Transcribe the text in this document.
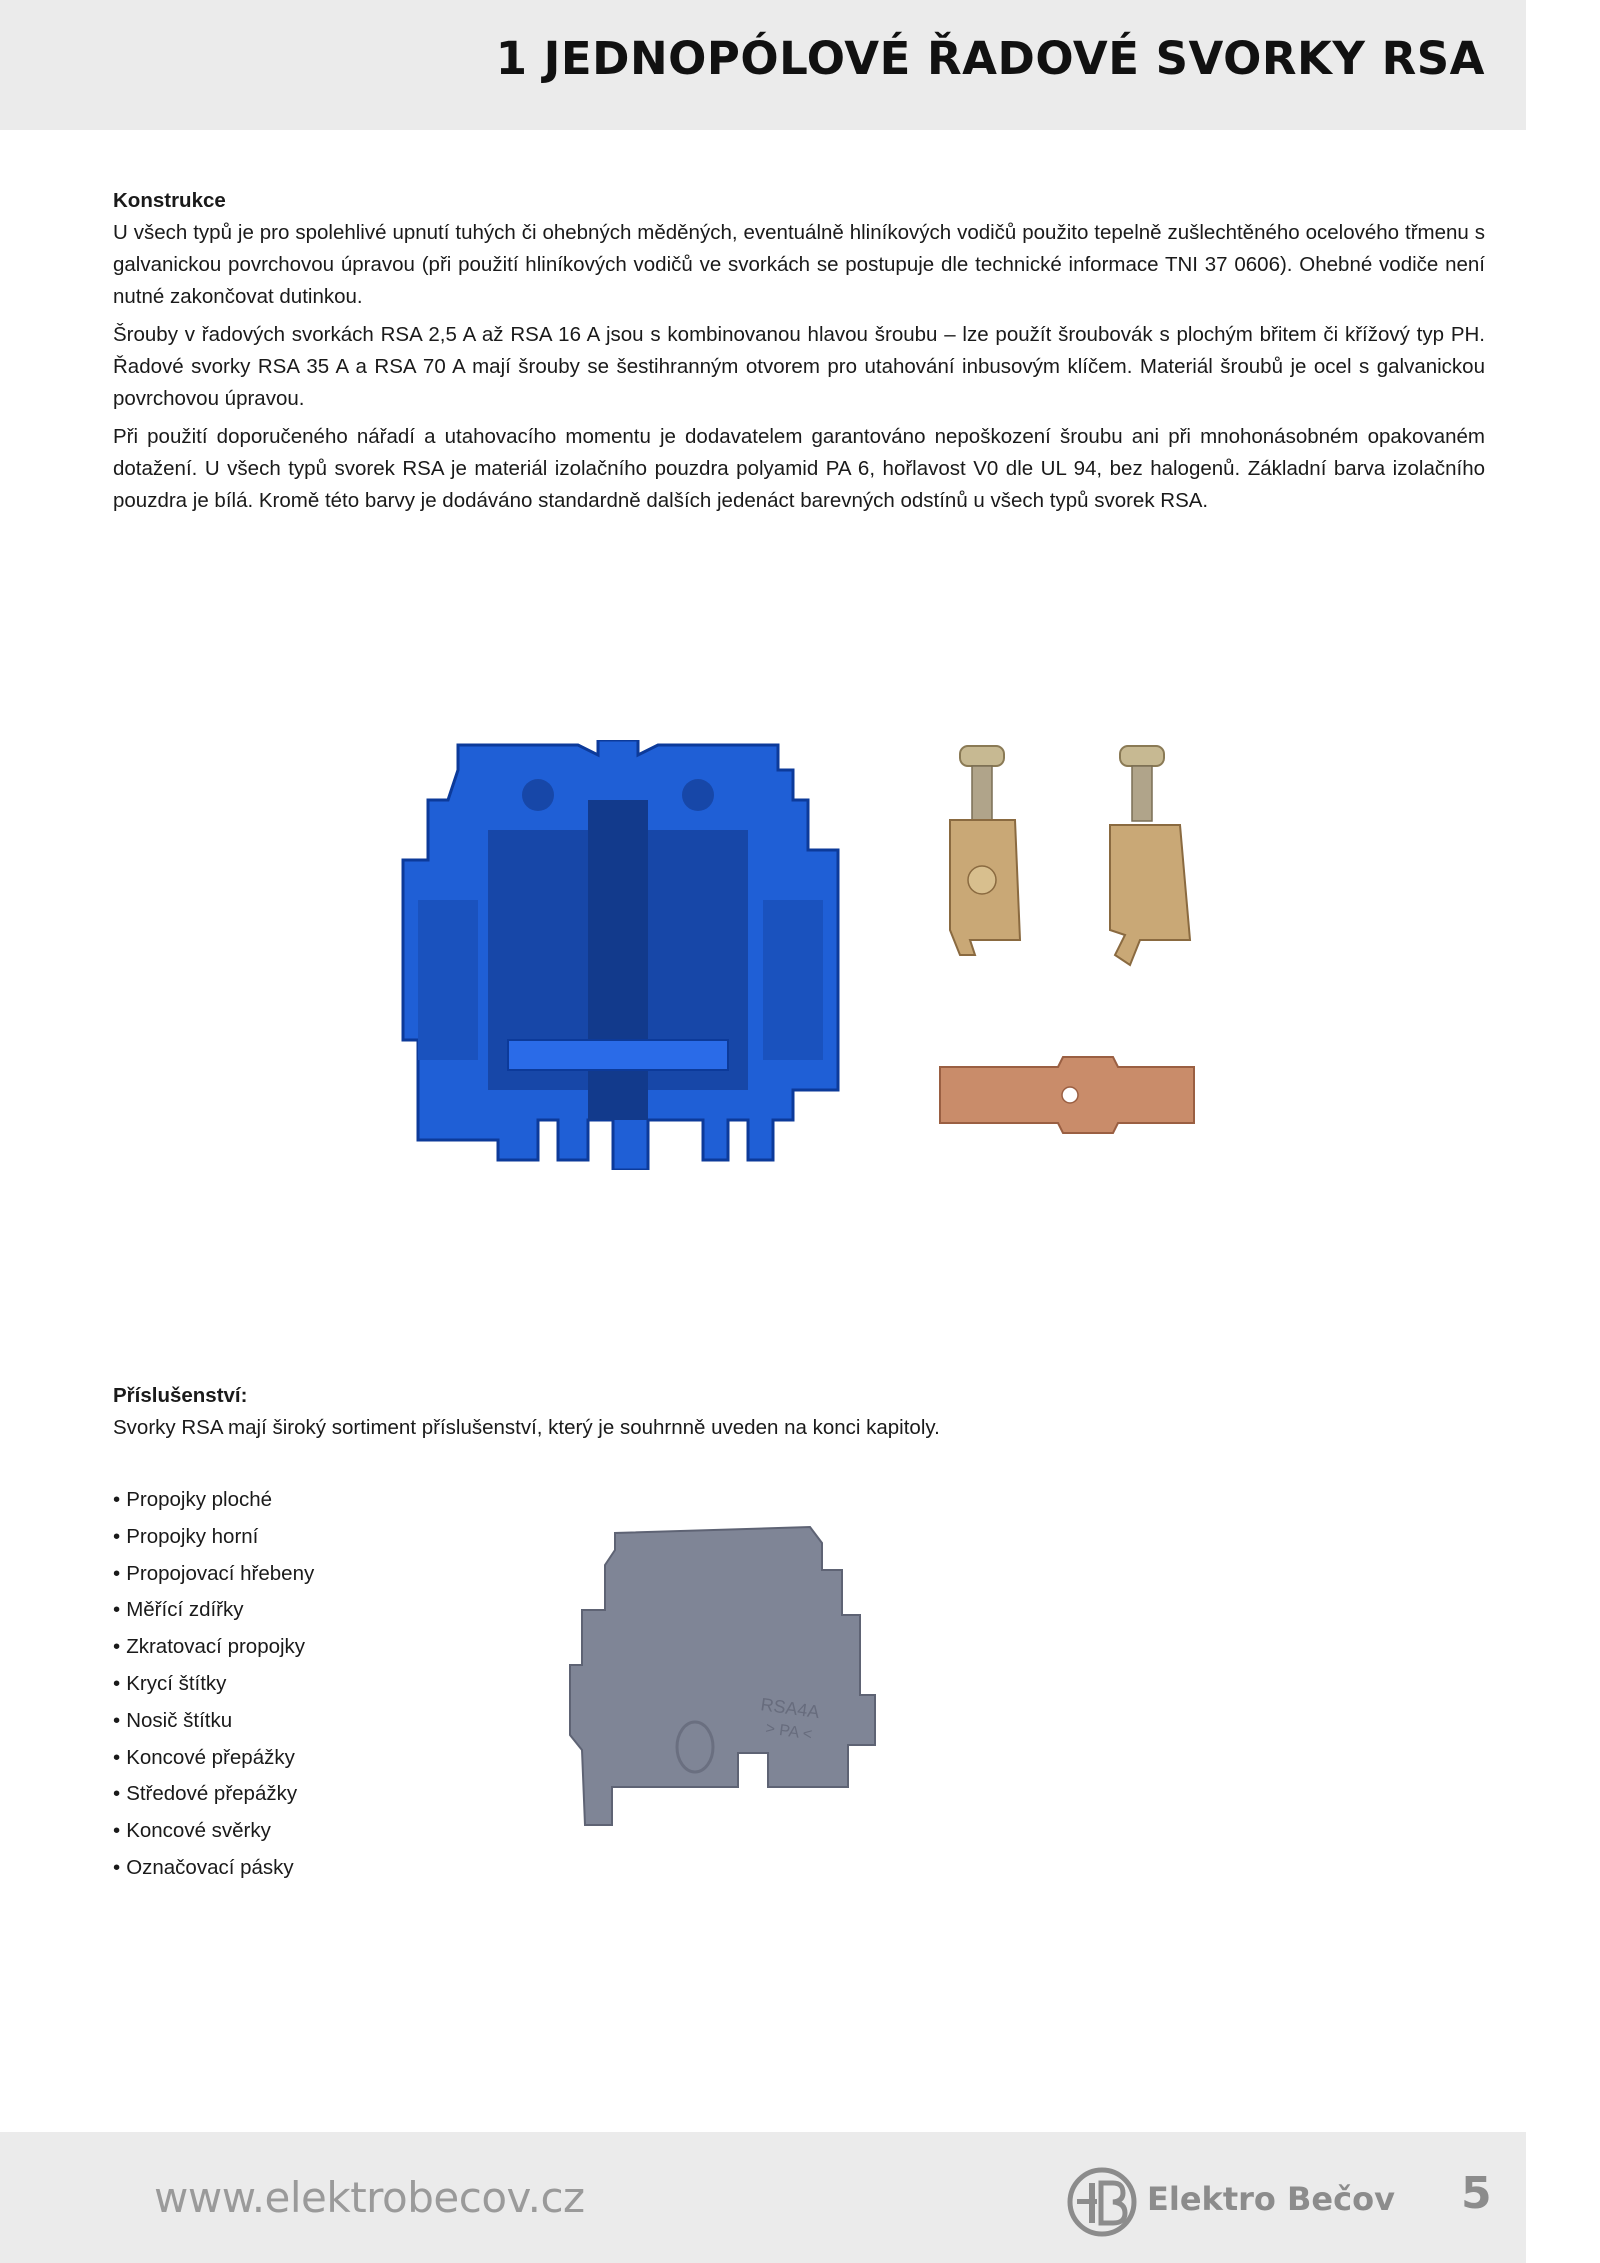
1 JEDNOPÓLOVÉ ŘADOVÉ SVORKY RSA

Konstrukce

U všech typů je pro spolehlivé upnutí tuhých či ohebných měděných, eventuálně hliníkových vodičů použito tepelně zušlechtěného ocelového třmenu s galvanickou povrchovou úpravou (při použití hliníkových vodičů ve svorkách se postupuje dle technické informace TNI 37 0606). Ohebné vodiče není nutné zakončovat dutinkou.

Šrouby v řadových svorkách RSA 2,5 A až RSA 16 A jsou s kombinovanou hlavou šroubu – lze použít šroubovák s plochým břitem či křížový typ PH. Řadové svorky RSA 35 A a RSA 70 A mají šrouby se šestihranným otvorem pro utahování inbusovým klíčem. Materiál šroubů je ocel s galvanickou povrchovou úpravou.

Při použití doporučeného nářadí a utahovacího momentu je dodavatelem garantováno nepoškození šroubu ani při mnohonásobném opakovaném dotažení. U všech typů svorek RSA je materiál izolačního pouzdra polyamid PA 6, hořlavost V0 dle UL 94, bez halogenů. Základní barva izolačního pouzdra je bílá. Kromě této barvy je dodáváno standardně dalších jedenáct barevných odstínů u všech typů svorek RSA.

Příslušenství:

Svorky RSA mají široký sortiment příslušenství, který je souhrnně uveden na konci kapitoly.

• Propojky ploché
• Propojky horní
• Propojovací hřebeny
• Měřící zdířky
• Zkratovací propojky
• Krycí štítky
• Nosič štítku
• Koncové přepážky
• Středové přepážky
• Koncové svěrky
• Označovací pásky
RSA4A
> PA <
www.elektrobecov.cz	Elektro Bečov 5
